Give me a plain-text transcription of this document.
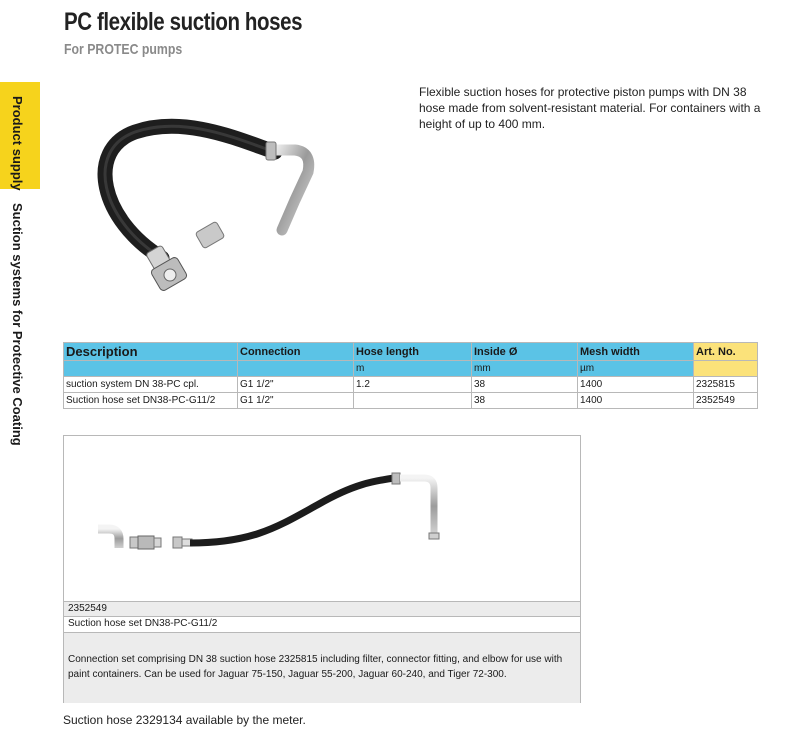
PC flexible suction hoses
For PROTEC pumps
Product supply
Suction systems for Protective Coating
Flexible suction hoses for protective piston pumps with DN 38 hose made from solvent-resistant material. For containers with a height of up to 400 mm.
Description	Connection	Hose length	Inside Ø	Mesh width	Art. No.
		m	mm	µm	
suction system DN 38-PC cpl.	G1 1/2"	1.2	38	1400	2325815
Suction hose set DN38-PC-G11/2	G1 1/2"		38	1400	2352549
2352549
Suction hose set DN38-PC-G11/2
Connection set comprising DN 38 suction hose 2325815 including filter, connector fitting, and elbow for use with paint containers. Can be used for Jaguar 75-150, Jaguar 55-200, Jaguar 60-240, and Tiger 72-300.
Suction hose 2329134 available by the meter.
